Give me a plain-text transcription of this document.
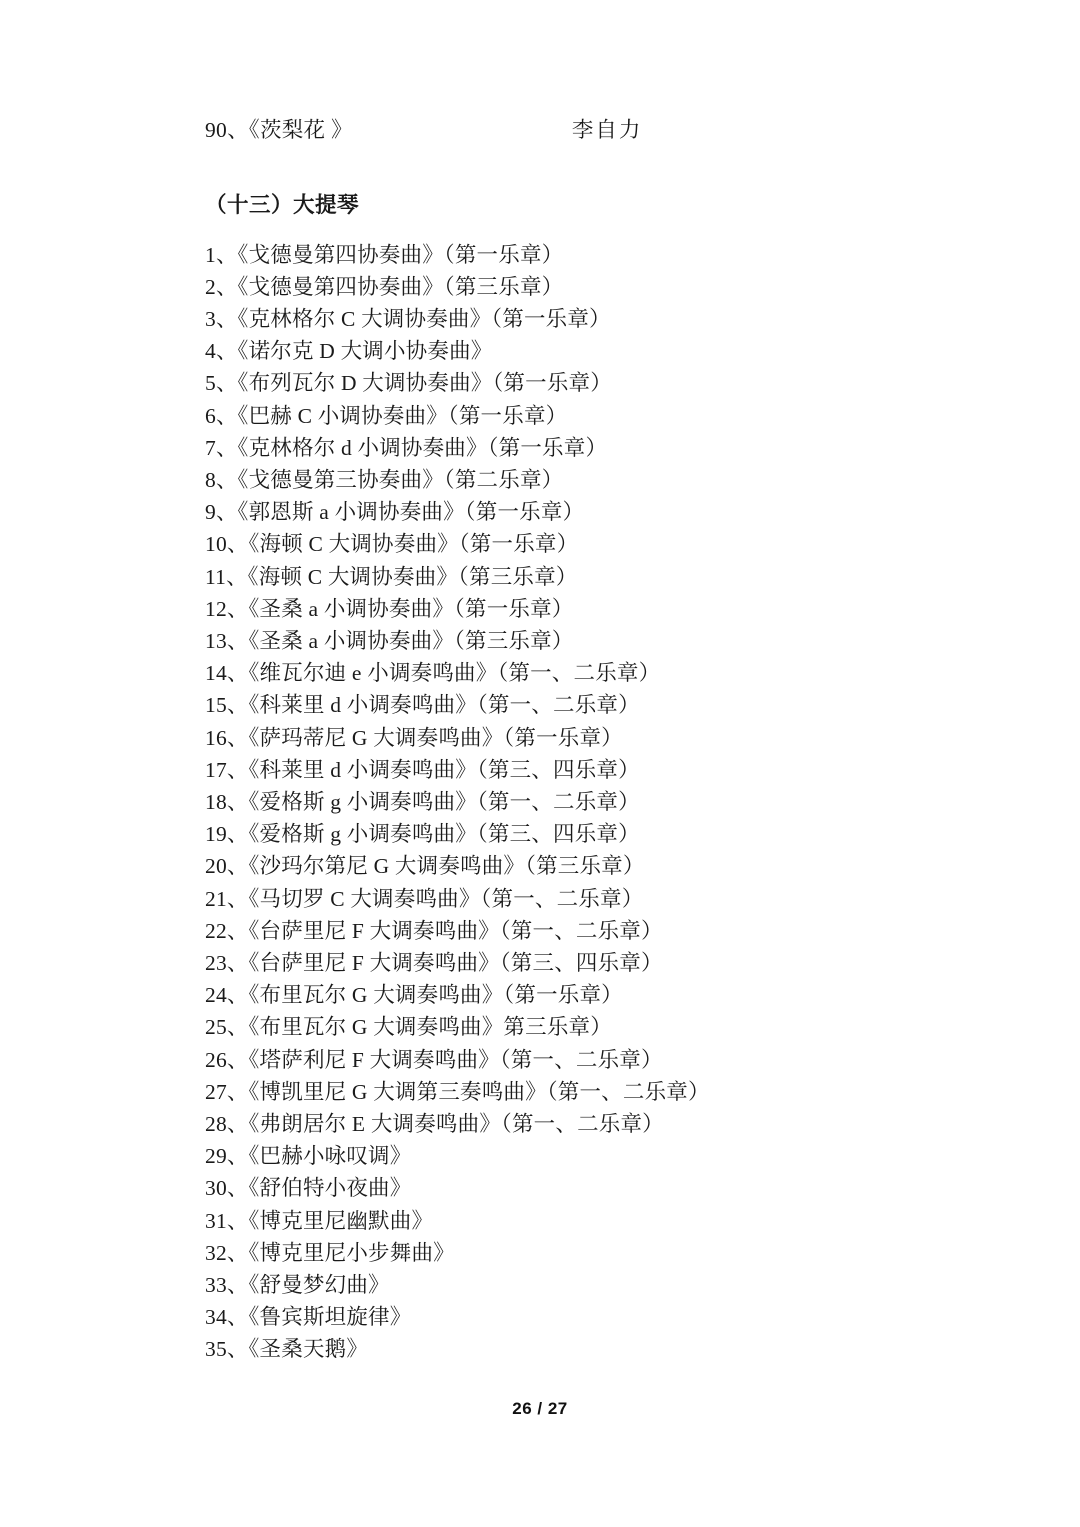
90、《茨梨花 》	李自力
（十三）大提琴
1、《戈德曼第四协奏曲》（第一乐章）
2、《戈德曼第四协奏曲》（第三乐章）
3、《克林格尔 C 大调协奏曲》（第一乐章）
4、《诺尔克 D 大调小协奏曲》
5、《布列瓦尔 D 大调协奏曲》（第一乐章）
6、《巴赫 C 小调协奏曲》（第一乐章）
7、《克林格尔 d 小调协奏曲》（第一乐章）
8、《戈德曼第三协奏曲》（第二乐章）
9、《郭恩斯 a 小调协奏曲》（第一乐章）
10、《海顿 C 大调协奏曲》（第一乐章）
11、《海顿 C 大调协奏曲》（第三乐章）
12、《圣桑 a 小调协奏曲》（第一乐章）
13、《圣桑 a 小调协奏曲》（第三乐章）
14、《维瓦尔迪 e 小调奏鸣曲》（第一、二乐章）
15、《科莱里 d 小调奏鸣曲》（第一、二乐章）
16、《萨玛蒂尼 G 大调奏鸣曲》（第一乐章）
17、《科莱里 d 小调奏鸣曲》（第三、四乐章）
18、《爱格斯 g 小调奏鸣曲》（第一、二乐章）
19、《爱格斯 g 小调奏鸣曲》（第三、四乐章）
20、《沙玛尔第尼 G 大调奏鸣曲》（第三乐章）
21、《马切罗 C 大调奏鸣曲》（第一、二乐章）
22、《台萨里尼 F 大调奏鸣曲》（第一、二乐章）
23、《台萨里尼 F 大调奏鸣曲》（第三、四乐章）
24、《布里瓦尔 G 大调奏鸣曲》（第一乐章）
25、《布里瓦尔 G 大调奏鸣曲》第三乐章）
26、《塔萨利尼 F 大调奏鸣曲》（第一、二乐章）
27、《博凯里尼 G 大调第三奏鸣曲》（第一、二乐章）
28、《弗朗居尔 E 大调奏鸣曲》（第一、二乐章）
29、《巴赫小咏叹调》
30、《舒伯特小夜曲》
31、《博克里尼幽默曲》
32、《博克里尼小步舞曲》
33、《舒曼梦幻曲》
34、《鲁宾斯坦旋律》
35、《圣桑天鹅》
26 / 27
